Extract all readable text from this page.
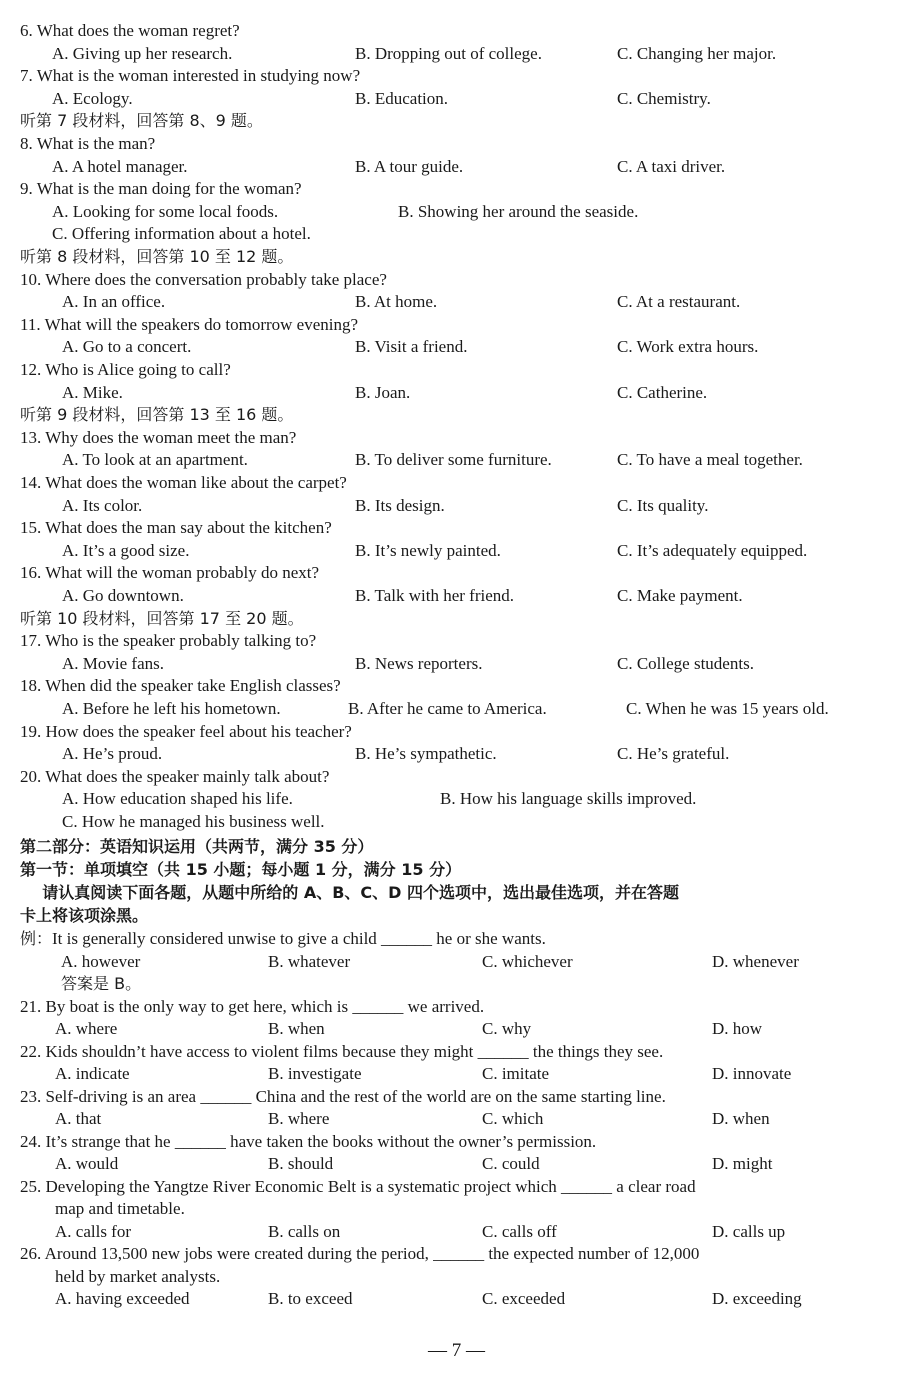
6. What does the woman regret?
A. Giving up her research.	B. Dropping out of college.	C. Changing her major.
7. What is the woman interested in studying now?
A. Ecology.	B. Education.	C. Chemistry.
听第 7 段材料，回答第 8、9 题。
8. What is the man?
A. A hotel manager.	B. A tour guide.	C. A taxi driver.
9. What is the man doing for the woman?
A. Looking for some local foods.	B. Showing her around the seaside.
C. Offering information about a hotel.
听第 8 段材料，回答第 10 至 12 题。
10. Where does the conversation probably take place?
A. In an office.	B. At home.	C. At a restaurant.
11. What will the speakers do tomorrow evening?
A. Go to a concert.	B. Visit a friend.	C. Work extra hours.
12. Who is Alice going to call?
A. Mike.	B. Joan.	C. Catherine.
听第 9 段材料，回答第 13 至 16 题。
13. Why does the woman meet the man?
A. To look at an apartment.	B. To deliver some furniture.	C. To have a meal together.
14. What does the woman like about the carpet?
A. Its color.	B. Its design.	C. Its quality.
15. What does the man say about the kitchen?
A. It’s a good size.	B. It’s newly painted.	C. It’s adequately equipped.
16. What will the woman probably do next?
A. Go downtown.	B. Talk with her friend.	C. Make payment.
听第 10 段材料，回答第 17 至 20 题。
17. Who is the speaker probably talking to?
A. Movie fans.	B. News reporters.	C. College students.
18. When did the speaker take English classes?
A. Before he left his hometown.	B. After he came to America.	C. When he was 15 years old.
19. How does the speaker feel about his teacher?
A. He’s proud.	B. He’s sympathetic.	C. He’s grateful.
20. What does the speaker mainly talk about?
A. How education shaped his life.	B. How his language skills improved.
C. How he managed his business well.
第二部分：英语知识运用（共两节，满分 35 分）
第一节：单项填空（共 15 小题；每小题 1 分，满分 15 分）
请认真阅读下面各题，从题中所给的 A、B、C、D 四个选项中，选出最佳选项，并在答题
卡上将该项涂黑。
例：It is generally considered unwise to give a child ______ he or she wants.
A. however	B. whatever	C. whichever	D. whenever
答案是 B。
21. By boat is the only way to get here, which is ______ we arrived.
A. where	B. when	C. why	D. how
22. Kids shouldn’t have access to violent films because they might ______ the things they see.
A. indicate	B. investigate	C. imitate	D. innovate
23. Self-driving is an area ______ China and the rest of the world are on the same starting line.
A. that	B. where	C. which	D. when
24. It’s strange that he ______ have taken the books without the owner’s permission.
A. would	B. should	C. could	D. might
25. Developing the Yangtze River Economic Belt is a systematic project which ______ a clear road
map and timetable.
A. calls for	B. calls on	C. calls off	D. calls up
26. Around 13,500 new jobs were created during the period, ______ the expected number of 12,000
held by market analysts.
A. having exceeded	B. to exceed	C. exceeded	D. exceeding
— 7 —
